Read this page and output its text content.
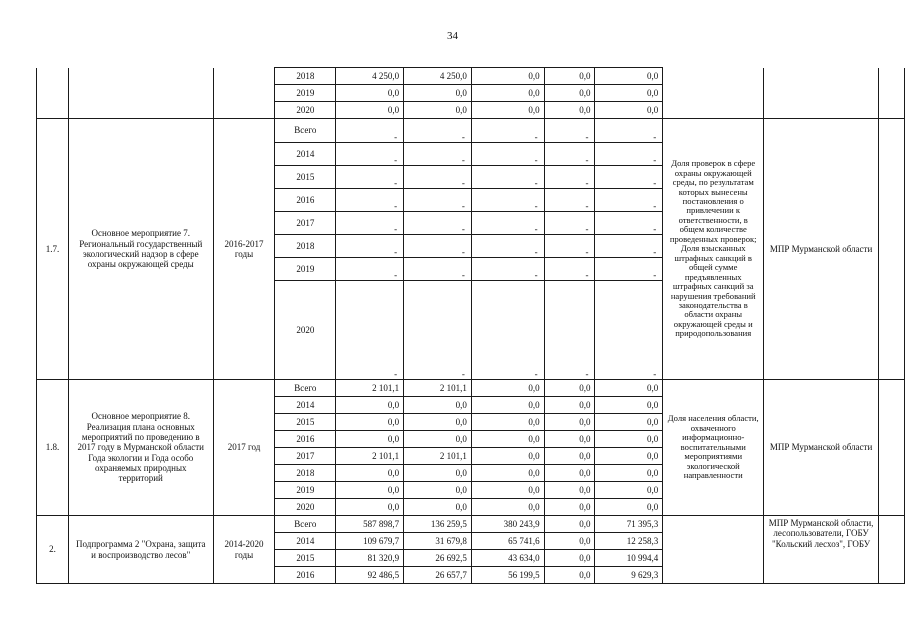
34
			2018	4 250,0	4 250,0	0,0	0,0	0,0			
			2019	0,0	0,0	0,0	0,0	0,0			
			2020	0,0	0,0	0,0	0,0	0,0			
1.7.	Основное мероприятие 7. Региональный государственный экологический надзор в сфере охраны окружающей среды	2016-2017 годы	Всего	-	-	-	-	-	Доля проверок в сфере охраны окружающей среды, по результатам которых вынесены постановления о привлечении к ответственности, в общем количестве проведенных проверок; Доля взысканных штрафных санкций в общей сумме предъявленных штрафных санкций за нарушения требований законодательства в области охраны окружающей среды и природопользования	МПР Мурманской области	
			2014	-	-	-	-	-			
			2015	-	-	-	-	-			
			2016	-	-	-	-	-			
			2017	-	-	-	-	-			
			2018	-	-	-	-	-			
			2019	-	-	-	-	-			
			2020	-	-	-	-	-			
1.8.	Основное мероприятие 8. Реализация плана основных мероприятий по проведению в 2017 году в Мурманской области Года экологии и Года особо охраняемых природных территорий	2017 год	Всего	2 101,1	2 101,1	0,0	0,0	0,0	Доля населения области, охваченного информационно-воспитательными мероприятиями экологической направленности	МПР Мурманской области	
			2014	0,0	0,0	0,0	0,0	0,0			
			2015	0,0	0,0	0,0	0,0	0,0			
			2016	0,0	0,0	0,0	0,0	0,0			
			2017	2 101,1	2 101,1	0,0	0,0	0,0			
			2018	0,0	0,0	0,0	0,0	0,0			
			2019	0,0	0,0	0,0	0,0	0,0			
			2020	0,0	0,0	0,0	0,0	0,0			
2.	Подпрограмма 2 "Охрана, защита и воспроизводство лесов"	2014-2020 годы	Всего	587 898,7	136 259,5	380 243,9	0,0	71 395,3		МПР Мурманской области, лесопользователи, ГОБУ "Кольский лесхоз", ГОБУ	
			2014	109 679,7	31 679,8	65 741,6	0,0	12 258,3			
			2015	81 320,9	26 692,5	43 634,0	0,0	10 994,4			
			2016	92 486,5	26 657,7	56 199,5	0,0	9 629,3			
